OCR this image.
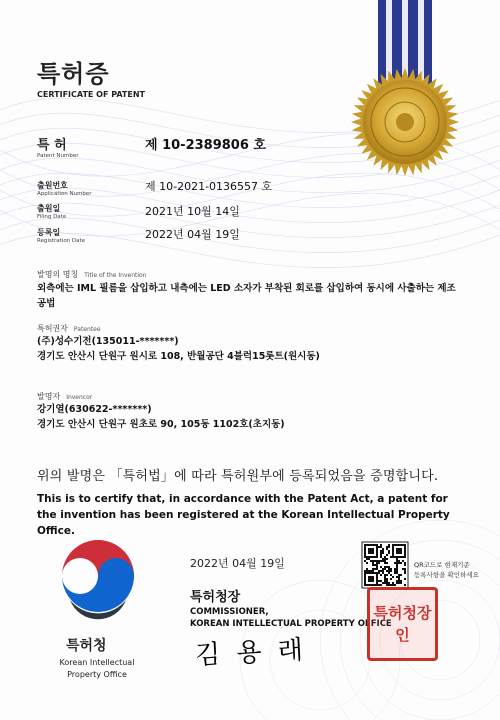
특허증
CERTIFICATE OF PATENT
특 허
Patent Number
제 10-2389806 호
출원번호
Application Number
제 10-2021-0136557 호
출원일
Filing Date	2021년 10월 14일
등록일
Registration Date	2022년 04월 19일
발명의 명칭 Title of the Invention
외측에는 IML 필름을 삽입하고 내측에는 LED 소자가 부착된 회로를 삽입하여 동시에 사출하는 제조
공법
특허권자 Patentee
(주)성수기전(135011-*******)
경기도 안산시 단원구 원시로 108, 반월공단 4블럭15롯트(원시동)
발명자 Invencor
강기열(630622-*******)
경기도 안산시 단원구 원초로 90, 105동 1102호(초지동)
위의 발명은 「특허법」에 따라 특허원부에 등록되었음을 증명합니다.
This is to certify that, in accordance with the Patent Act, a patent for the invention has been registered at the Korean Intellectual Property Office.
2022년 04월 19일
특허청장
COMMISSIONER,
KOREAN INTELLECTUAL PROPERTY OFFICE
김 용 래
특허청
Korean Intellectual
Property Office
QR코드로 현재기준
등록사항을 확인하세요
특허청장인
